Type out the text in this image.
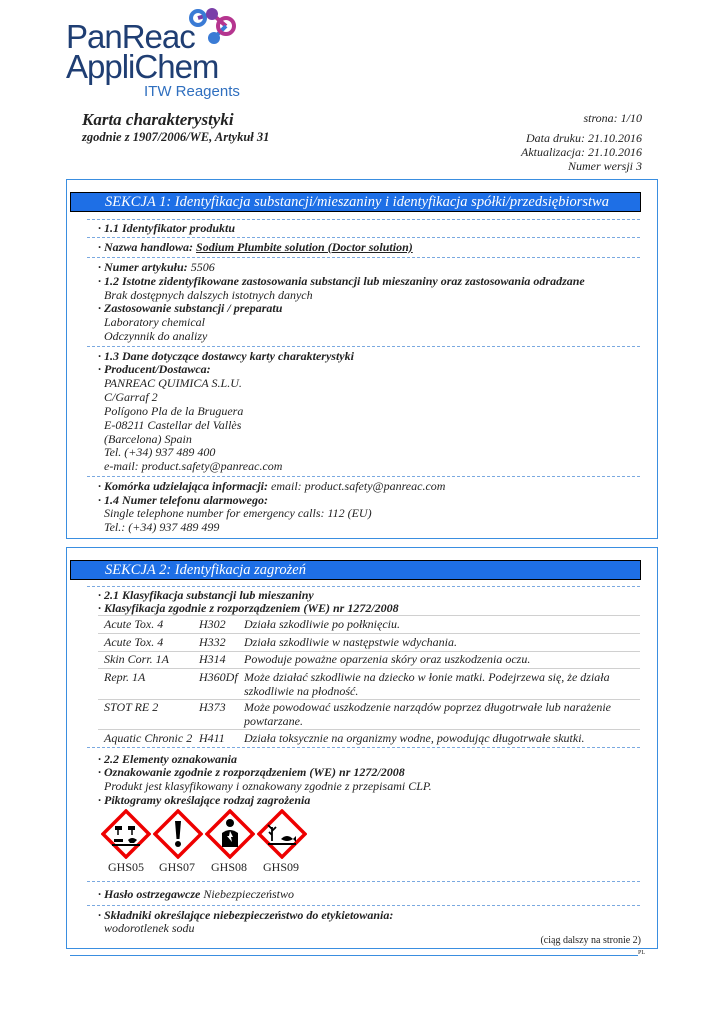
PanReac
AppliChem
ITW Reagents
Karta charakterystyki
zgodnie z 1907/2006/WE, Artykuł 31
strona: 1/10
Data druku: 21.10.2016
Aktualizacja: 21.10.2016
Numer wersji 3
SEKCJA 1: Identyfikacja substancji/mieszaniny i identyfikacja spółki/przedsiębiorstwa
· 1.1 Identyfikator produktu
· Nazwa handlowa: Sodium Plumbite solution (Doctor solution)
· Numer artykułu: 5506
· 1.2 Istotne zidentyfikowane zastosowania substancji lub mieszaniny oraz zastosowania odradzane
Brak dostępnych dalszych istotnych danych
· Zastosowanie substancji / preparatu
Laboratory chemical
Odczynnik do analizy
· 1.3 Dane dotyczące dostawcy karty charakterystyki
· Producent/Dostawca:
PANREAC QUIMICA S.L.U.
C/Garraf 2
Polígono Pla de la Bruguera
E-08211 Castellar del Vallès
(Barcelona) Spain
Tel. (+34) 937 489 400
e-mail: product.safety@panreac.com
· Komórka udzielająca informacji: email: product.safety@panreac.com
· 1.4 Numer telefonu alarmowego:
Single telephone number for emergency calls: 112 (EU)
Tel.: (+34) 937 489 499
SEKCJA 2: Identyfikacja zagrożeń
· 2.1 Klasyfikacja substancji lub mieszaniny
· Klasyfikacja zgodnie z rozporządzeniem (WE) nr 1272/2008
Acute Tox. 4	H302 Działa szkodliwie po połknięciu.
Acute Tox. 4	H332 Działa szkodliwie w następstwie wdychania.
Skin Corr. 1A H314 Powoduje poważne oparzenia skóry oraz uszkodzenia oczu.
Repr. 1A	H360Df Może działać szkodliwie na dziecko w łonie matki. Podejrzewa się, że działa
szkodliwie na płodność.
STOT RE 2	H373 Może powodować uszkodzenie narządów poprzez długotrwałe lub narażenie
powtarzane.
Aquatic Chronic 2 H411 Działa toksycznie na organizmy wodne, powodując długotrwałe skutki.
· 2.2 Elementy oznakowania
· Oznakowanie zgodnie z rozporządzeniem (WE) nr 1272/2008
Produkt jest klasyfikowany i oznakowany zgodnie z przepisami CLP.
· Piktogramy określające rodzaj zagrożenia
GHS05 GHS07 GHS08 GHS09
· Hasło ostrzegawcze Niebezpieczeństwo
· Składniki określające niebezpieczeństwo do etykietowania:
wodorotlenek sodu
(ciąg dalszy na stronie 2)
PL
